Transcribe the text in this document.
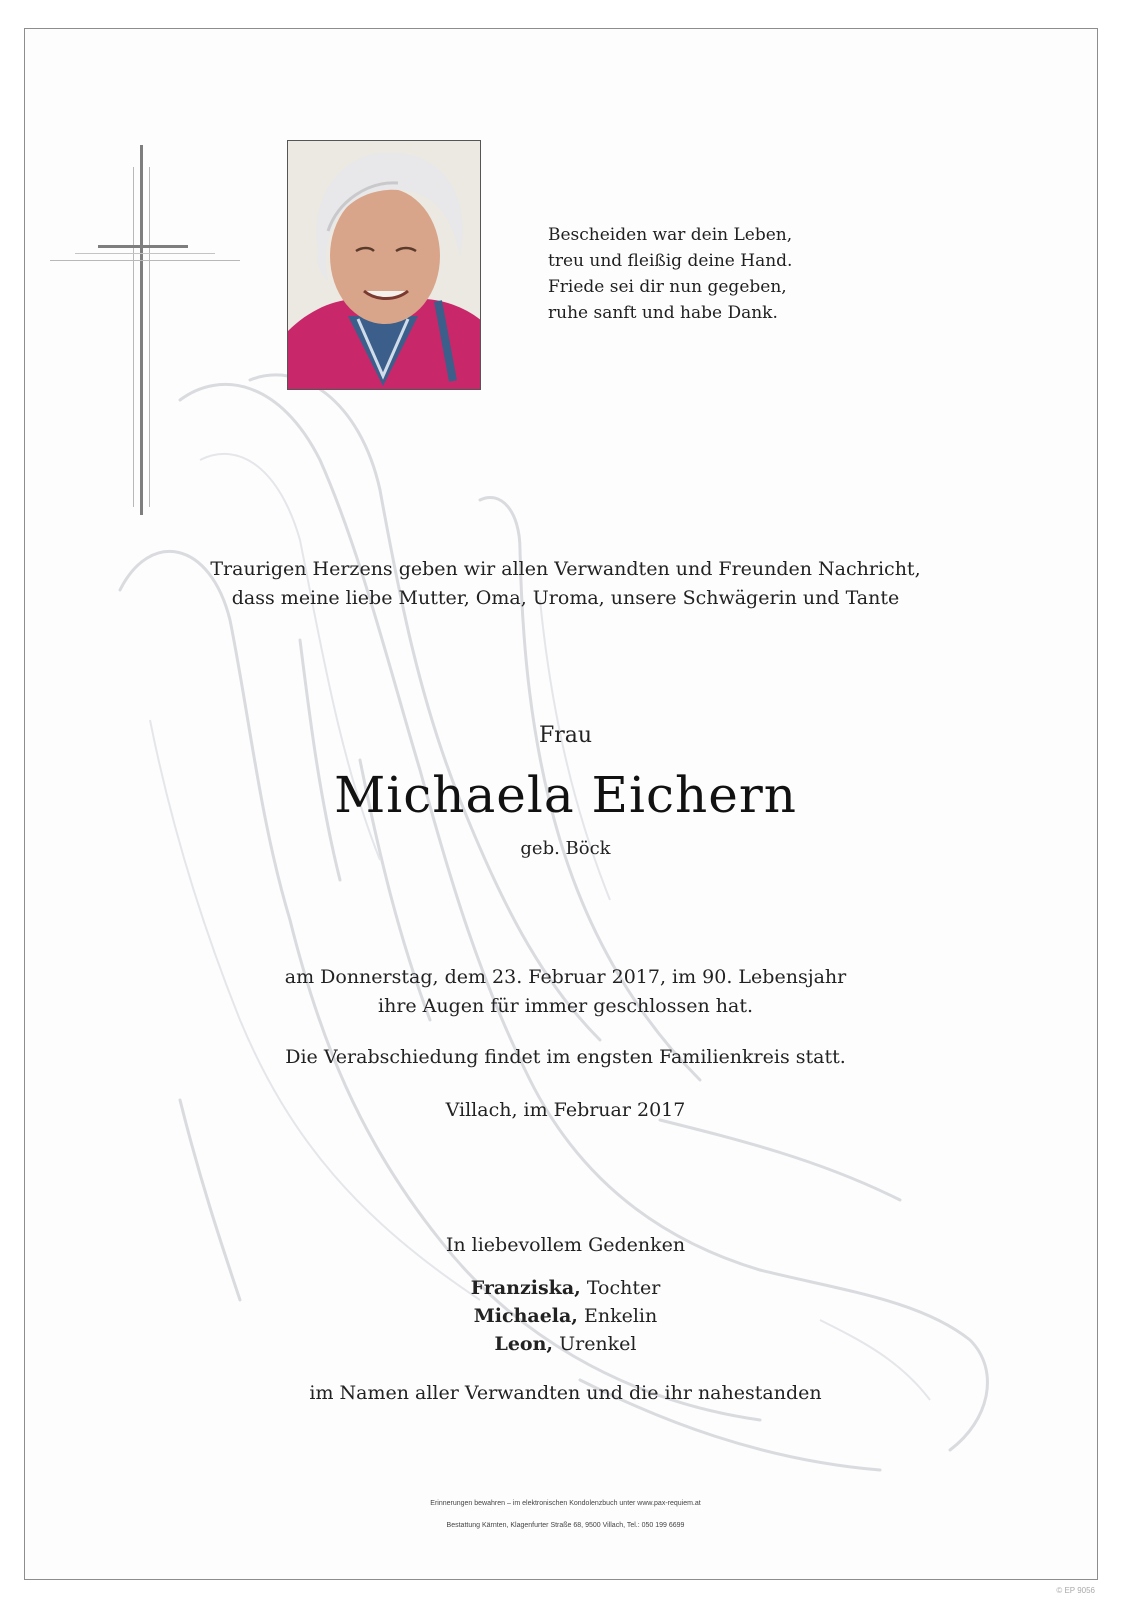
Bescheiden war dein Leben,
treu und fleißig deine Hand.
Friede sei dir nun gegeben,
ruhe sanft und habe Dank.
Traurigen Herzens geben wir allen Verwandten und Freunden Nachricht,
dass meine liebe Mutter, Oma, Uroma, unsere Schwägerin und Tante
Frau
Michaela Eichern
geb. Böck
am Donnerstag, dem 23. Februar 2017, im 90. Lebensjahr
ihre Augen für immer geschlossen hat.
Die Verabschiedung findet im engsten Familienkreis statt.
Villach, im Februar 2017
In liebevollem Gedenken
Franziska, Tochter
Michaela, Enkelin
Leon, Urenkel
im Namen aller Verwandten und die ihr nahestanden
Erinnerungen bewahren – im elektronischen Kondolenzbuch unter www.pax-requiem.at
Bestattung Kärnten, Klagenfurter Straße 68, 9500 Villach, Tel.: 050 199 6699
© EP 9056
